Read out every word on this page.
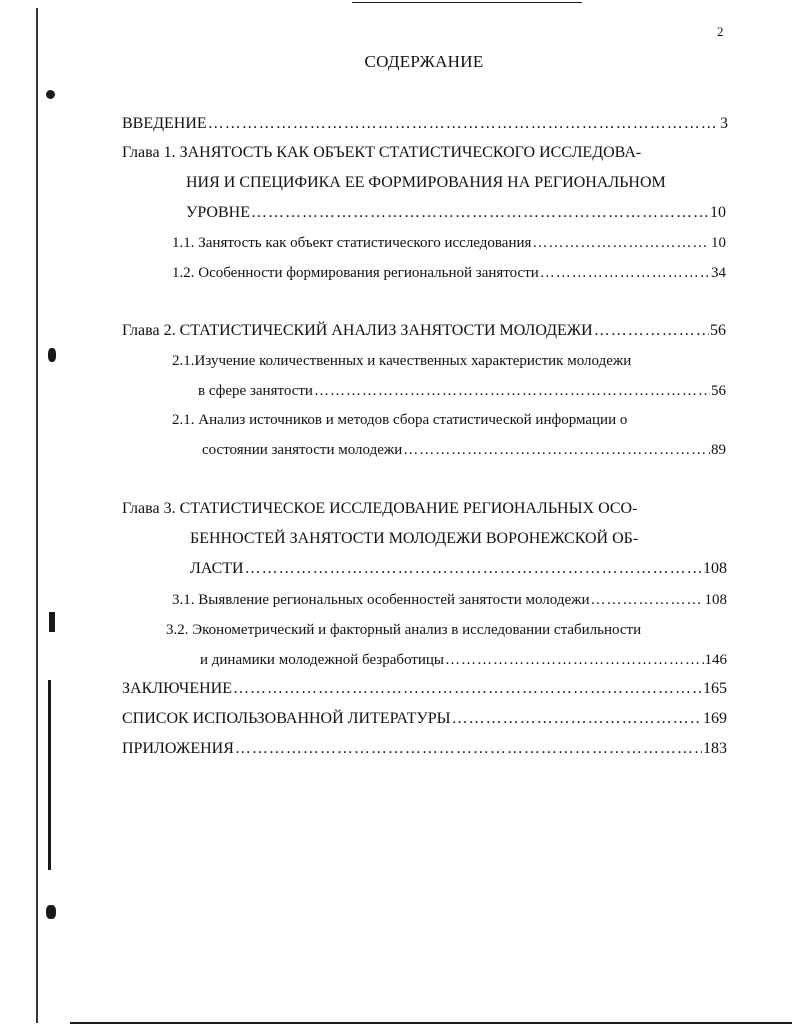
2
СОДЕРЖАНИЕ
ВВЕДЕНИЕ …………………………………………………………………………………………………………………………………………………………	3
Глава 1. ЗАНЯТОСТЬ КАК ОБЪЕКТ СТАТИСТИЧЕСКОГО ИССЛЕДОВА-
НИЯ И СПЕЦИФИКА ЕЕ ФОРМИРОВАНИЯ НА РЕГИОНАЛЬНОМ
УРОВНЕ …………………………………………………………………………………………………………………………………………………………	10
1.1. Занятость как объект статистического исследования …………………………………………………………………………………………………………………………………………………………	10
1.2. Особенности формирования региональной занятости …………………………………………………………………………………………………………………………………………………………	34
Глава 2. СТАТИСТИЧЕСКИЙ АНАЛИЗ ЗАНЯТОСТИ МОЛОДЕЖИ …………………………………………………………………………………………………………………………………………………………	56
2.1.Изучение количественных и качественных характеристик молодежи
в сфере занятости …………………………………………………………………………………………………………………………………………………………	56
2.1. Анализ источников и методов сбора статистической информации о
состоянии занятости молодежи …………………………………………………………………………………………………………………………………………………………	89
Глава 3. СТАТИСТИЧЕСКОЕ ИССЛЕДОВАНИЕ РЕГИОНАЛЬНЫХ ОСО-
БЕННОСТЕЙ ЗАНЯТОСТИ МОЛОДЕЖИ ВОРОНЕЖСКОЙ ОБ-
ЛАСТИ …………………………………………………………………………………………………………………………………………………………	108
3.1. Выявление региональных особенностей занятости молодежи …………………………………………………………………………………………………………………………………………………………	108
3.2. Эконометрический и факторный анализ в исследовании стабильности
и динамики молодежной безработицы …………………………………………………………………………………………………………………………………………………………	146
ЗАКЛЮЧЕНИЕ …………………………………………………………………………………………………………………………………………………………	165
СПИСОК ИСПОЛЬЗОВАННОЙ ЛИТЕРАТУРЫ …………………………………………………………………………………………………………………………………………………………	169
ПРИЛОЖЕНИЯ …………………………………………………………………………………………………………………………………………………………	183
